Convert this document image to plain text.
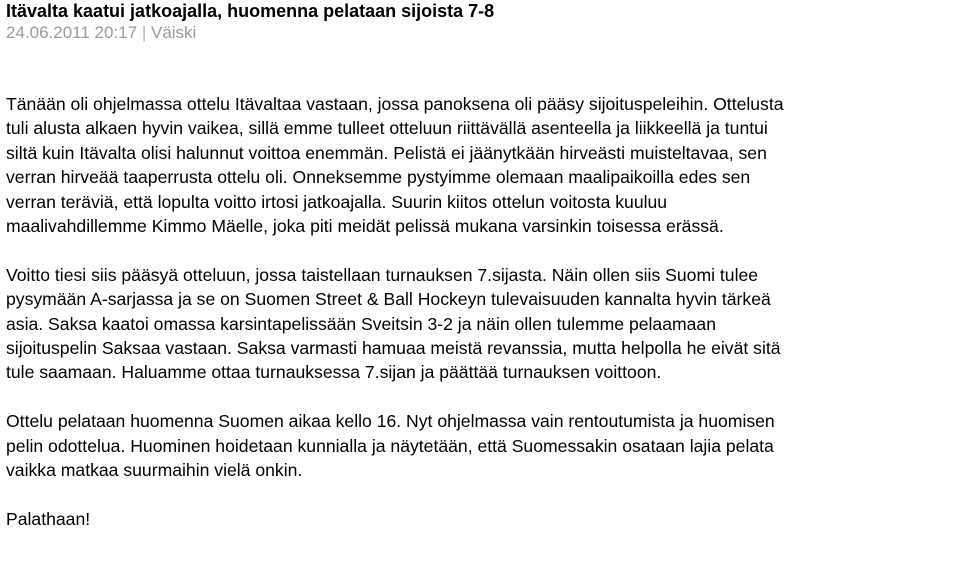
Itävalta kaatui jatkoajalla, huomenna pelataan sijoista 7-8
24.06.2011 20:17 | Väiski

Tänään oli ohjelmassa ottelu Itävaltaa vastaan, jossa panoksena oli pääsy sijoituspeleihin. Ottelusta
tuli alusta alkaen hyvin vaikea, sillä emme tulleet otteluun riittävällä asenteella ja liikkeellä ja tuntui
siltä kuin Itävalta olisi halunnut voittoa enemmän. Pelistä ei jäänytkään hirveästi muisteltavaa, sen
verran hirveää taaperrusta ottelu oli. Onneksemme pystyimme olemaan maalipaikoilla edes sen
verran teräviä, että lopulta voitto irtosi jatkoajalla. Suurin kiitos ottelun voitosta kuuluu
maalivahdillemme Kimmo Mäelle, joka piti meidät pelissä mukana varsinkin toisessa erässä.

Voitto tiesi siis pääsyä otteluun, jossa taistellaan turnauksen 7.sijasta. Näin ollen siis Suomi tulee
pysymään A-sarjassa ja se on Suomen Street & Ball Hockeyn tulevaisuuden kannalta hyvin tärkeä
asia. Saksa kaatoi omassa karsintapelissään Sveitsin 3-2 ja näin ollen tulemme pelaamaan
sijoituspelin Saksaa vastaan. Saksa varmasti hamuaa meistä revanssia, mutta helpolla he eivät sitä
tule saamaan. Haluamme ottaa turnauksessa 7.sijan ja päättää turnauksen voittoon.

Ottelu pelataan huomenna Suomen aikaa kello 16. Nyt ohjelmassa vain rentoutumista ja huomisen
pelin odottelua. Huominen hoidetaan kunnialla ja näytetään, että Suomessakin osataan lajia pelata
vaikka matkaa suurmaihin vielä onkin.

Palathaan!
